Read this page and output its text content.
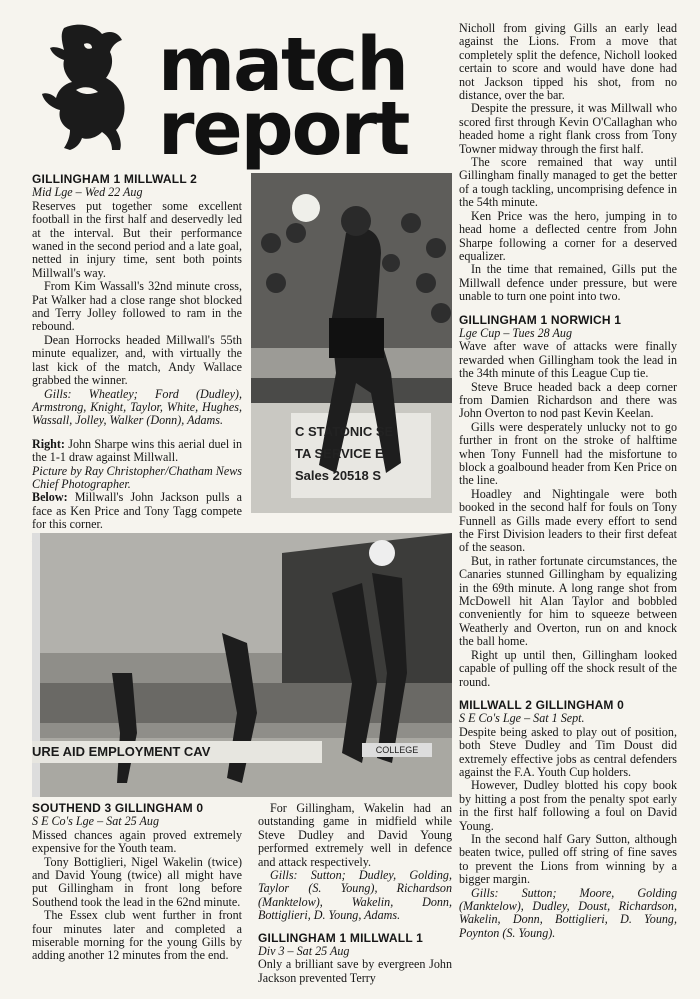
match
report

GILLINGHAM 1 MILLWALL 2

Mid Lge – Wed 22 Aug

Reserves put together some excellent football in the first half and deservedly led at the interval. But their performance waned in the second period and a late goal, netted in injury time, sent both points Millwall's way.

From Kim Wassall's 32nd minute cross, Pat Walker had a close range shot blocked and Terry Jolley followed to ram in the rebound.

Dean Horrocks headed Millwall's 55th minute equalizer, and, with virtually the last kick of the match, Andy Wallace grabbed the winner.

Gills: Wheatley; Ford (Dudley), Armstrong, Knight, Taylor, White, Hughes, Wassall, Jolley, Walker (Donn), Adams.

Right: John Sharpe wins this aerial duel in the 1-1 draw against Millwall.

Picture by Ray Christopher/Chatham News Chief Photographer.

Below: Millwall's John Jackson pulls a face as Ken Price and Tony Tagg compete for this corner.

C STATONIC SE
TA SERVICE E
Sales 20518 S
URE AID EMPLOYMENT CAV	COLLEGE

SOUTHEND 3 GILLINGHAM 0

S E Co's Lge – Sat 25 Aug

Missed chances again proved extremely expensive for the Youth team.

Tony Bottiglieri, Nigel Wakelin (twice) and David Young (twice) all might have put Gillingham in front long before Southend took the lead in the 62nd minute.

The Essex club went further in front four minutes later and completed a miserable morning for the young Gills by adding another 12 minutes from the end.

For Gillingham, Wakelin had an outstanding game in midfield while Steve Dudley and David Young performed extremely well in defence and attack respectively.

Gills: Sutton; Dudley, Golding, Taylor (S. Young), Richardson (Manktelow), Wakelin, Donn, Bottiglieri, D. Young, Adams.

GILLINGHAM 1 MILLWALL 1

Div 3 – Sat 25 Aug

Only a brilliant save by evergreen John Jackson prevented Terry

Nicholl from giving Gills an early lead against the Lions. From a move that completely split the defence, Nicholl looked certain to score and would have done had not Jackson tipped his shot, from no distance, over the bar.

Despite the pressure, it was Millwall who scored first through Kevin O'Callaghan who headed home a right flank cross from Tony Towner midway through the first half.

The score remained that way until Gillingham finally managed to get the better of a tough tackling, uncomprising defence in the 54th minute.

Ken Price was the hero, jumping in to head home a deflected centre from John Sharpe following a corner for a deserved equalizer.

In the time that remained, Gills put the Millwall defence under pressure, but were unable to turn one point into two.

GILLINGHAM 1 NORWICH 1

Lge Cup – Tues 28 Aug

Wave after wave of attacks were finally rewarded when Gillingham took the lead in the 34th minute of this League Cup tie.

Steve Bruce headed back a deep corner from Damien Richardson and there was John Overton to nod past Kevin Keelan.

Gills were desperately unlucky not to go further in front on the stroke of halftime when Tony Funnell had the misfortune to block a goalbound header from Ken Price on the line.

Hoadley and Nightingale were both booked in the second half for fouls on Tony Funnell as Gills made every effort to send the First Division leaders to their first defeat of the season.

But, in rather fortunate circumstances, the Canaries stunned Gillingham by equalizing in the 69th minute. A long range shot from McDowell hit Alan Taylor and bobbled conveniently for him to squeeze between Weatherly and Overton, run on and knock the ball home.

Right up until then, Gillingham looked capable of pulling off the shock result of the round.

MILLWALL 2 GILLINGHAM 0

S E Co's Lge – Sat 1 Sept.

Despite being asked to play out of position, both Steve Dudley and Tim Doust did extremely effective jobs as central defenders against the F.A. Youth Cup holders.

However, Dudley blotted his copy book by hitting a post from the penalty spot early in the first half following a foul on David Young.

In the second half Gary Sutton, although beaten twice, pulled off string of fine saves to prevent the Lions from winning by a bigger margin.

Gills: Sutton; Moore, Golding (Manktelow), Dudley, Doust, Richardson, Wakelin, Donn, Bottiglieri, D. Young, Poynton (S. Young).
